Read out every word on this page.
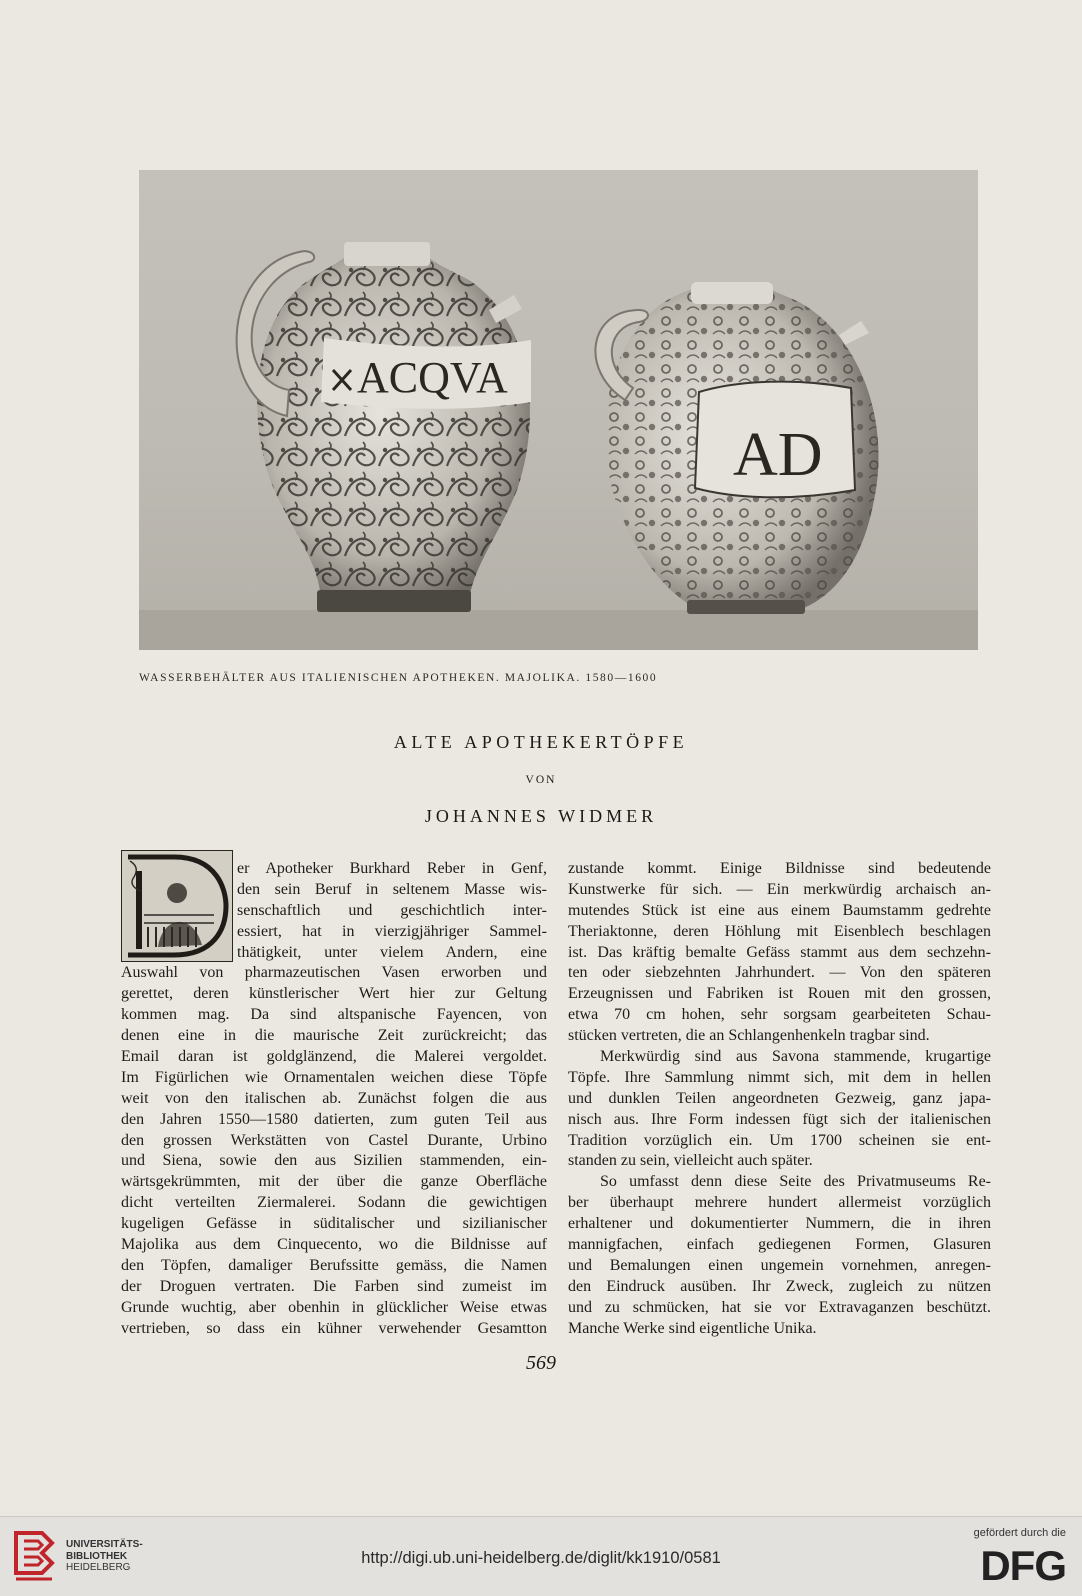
ACQVA
AD
WASSERBEHÄLTER AUS ITALIENISCHEN APOTHEKEN. MAJOLIKA. 1580—1600
ALTE APOTHEKERTÖPFE
VON
JOHANNES WIDMER
er Apotheker Burkhard Reber in Genf,
den sein Beruf in seltenem Masse wis-
senschaftlich und geschichtlich inter-
essiert, hat in vierzigjähriger Sammel-
thätigkeit, unter vielem Andern, eine
Auswahl von pharmazeutischen Vasen erworben und
gerettet, deren künstlerischer Wert hier zur Geltung
kommen mag. Da sind altspanische Fayencen, von
denen eine in die maurische Zeit zurückreicht; das
Email daran ist goldglänzend, die Malerei vergoldet.
Im Figürlichen wie Ornamentalen weichen diese Töpfe
weit von den italischen ab. Zunächst folgen die aus
den Jahren 1550—1580 datierten, zum guten Teil aus
den grossen Werkstätten von Castel Durante, Urbino
und Siena, sowie den aus Sizilien stammenden, ein-
wärtsgekrümmten, mit der über die ganze Oberfläche
dicht verteilten Ziermalerei. Sodann die gewichtigen
kugeligen Gefässe in süditalischer und sizilianischer
Majolika aus dem Cinquecento, wo die Bildnisse auf
den Töpfen, damaliger Berufssitte gemäss, die Namen
der Droguen vertraten. Die Farben sind zumeist im
Grunde wuchtig, aber obenhin in glücklicher Weise etwas
vertrieben, so dass ein kühner verwehender Gesamtton
zustande kommt. Einige Bildnisse sind bedeutende
Kunstwerke für sich. — Ein merkwürdig archaisch an-
mutendes Stück ist eine aus einem Baumstamm gedrehte
Theriaktonne, deren Höhlung mit Eisenblech beschlagen
ist. Das kräftig bemalte Gefäss stammt aus dem sechzehn-
ten oder siebzehnten Jahrhundert. — Von den späteren
Erzeugnissen und Fabriken ist Rouen mit den grossen,
etwa 70 cm hohen, sehr sorgsam gearbeiteten Schau-
stücken vertreten, die an Schlangenhenkeln tragbar sind.
Merkwürdig sind aus Savona stammende, krugartige
Töpfe. Ihre Sammlung nimmt sich, mit dem in hellen
und dunklen Teilen angeordneten Gezweig, ganz japa-
nisch aus. Ihre Form indessen fügt sich der italienischen
Tradition vorzüglich ein. Um 1700 scheinen sie ent-
standen zu sein, vielleicht auch später.
So umfasst denn diese Seite des Privatmuseums Re-
ber überhaupt mehrere hundert allermeist vorzüglich
erhaltener und dokumentierter Nummern, die in ihren
mannigfachen, einfach gediegenen Formen, Glasuren
und Bemalungen einen ungemein vornehmen, anregen-
den Eindruck ausüben. Ihr Zweck, zugleich zu nützen
und zu schmücken, hat sie vor Extravaganzen beschützt.
Manche Werke sind eigentliche Unika.
569
UNIVERSITÄTS-
BIBLIOTHEK
HEIDELBERG
http://digi.ub.uni-heidelberg.de/diglit/kk1910/0581
gefördert durch die
DFG
